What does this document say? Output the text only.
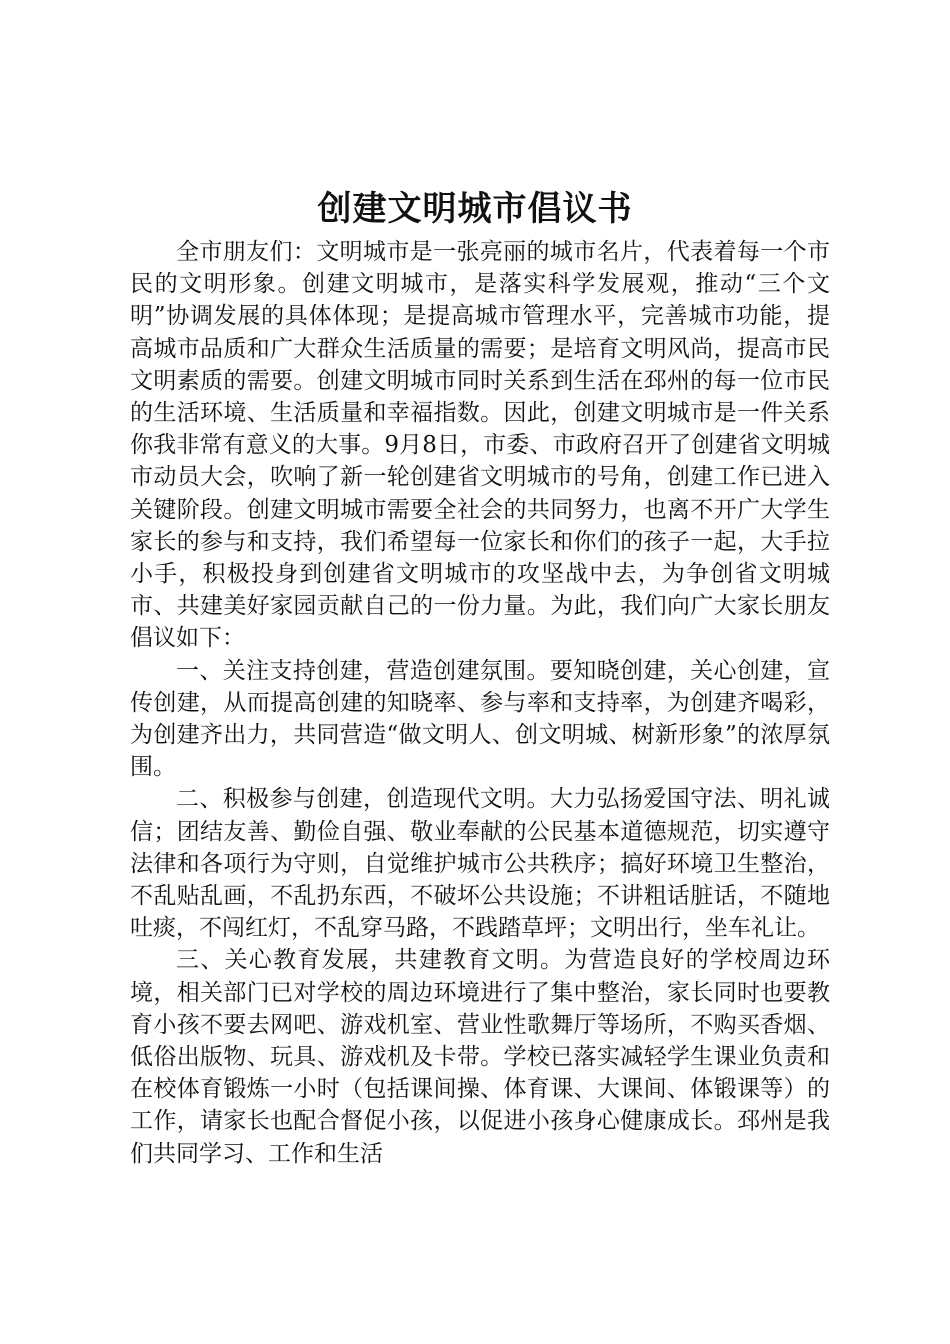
创建文明城市倡议书

全市朋友们：文明城市是一张亮丽的城市名片，代表着每一个市民的文明形象。创建文明城市，是落实科学发展观，推动“三个文明”协调发展的具体体现；是提高城市管理水平，完善城市功能，提高城市品质和广大群众生活质量的需要；是培育文明风尚，提高市民文明素质的需要。创建文明城市同时关系到生活在邳州的每一位市民的生活环境、生活质量和幸福指数。因此，创建文明城市是一件关系你我非常有意义的大事。9月8日，市委、市政府召开了创建省文明城市动员大会，吹响了新一轮创建省文明城市的号角，创建工作已进入关键阶段。创建文明城市需要全社会的共同努力，也离不开广大学生家长的参与和支持，我们希望每一位家长和你们的孩子一起，大手拉小手，积极投身到创建省文明城市的攻坚战中去，为争创省文明城市、共建美好家园贡献自己的一份力量。为此，我们向广大家长朋友倡议如下：

一、关注支持创建，营造创建氛围。要知晓创建，关心创建，宣传创建，从而提高创建的知晓率、参与率和支持率，为创建齐喝彩，为创建齐出力，共同营造“做文明人、创文明城、树新形象”的浓厚氛围。

二、积极参与创建，创造现代文明。大力弘扬爱国守法、明礼诚信；团结友善、勤俭自强、敬业奉献的公民基本道德规范，切实遵守法律和各项行为守则，自觉维护城市公共秩序；搞好环境卫生整治，不乱贴乱画，不乱扔东西，不破坏公共设施；不讲粗话脏话，不随地吐痰，不闯红灯，不乱穿马路，不践踏草坪；文明出行，坐车礼让。

三、关心教育发展，共建教育文明。为营造良好的学校周边环境，相关部门已对学校的周边环境进行了集中整治，家长同时也要教育小孩不要去网吧、游戏机室、营业性歌舞厅等场所，不购买香烟、低俗出版物、玩具、游戏机及卡带。学校已落实减轻学生课业负责和在校体育锻炼一小时（包括课间操、体育课、大课间、体锻课等）的工作，请家长也配合督促小孩，以促进小孩身心健康成长。邳州是我们共同学习、工作和生活
